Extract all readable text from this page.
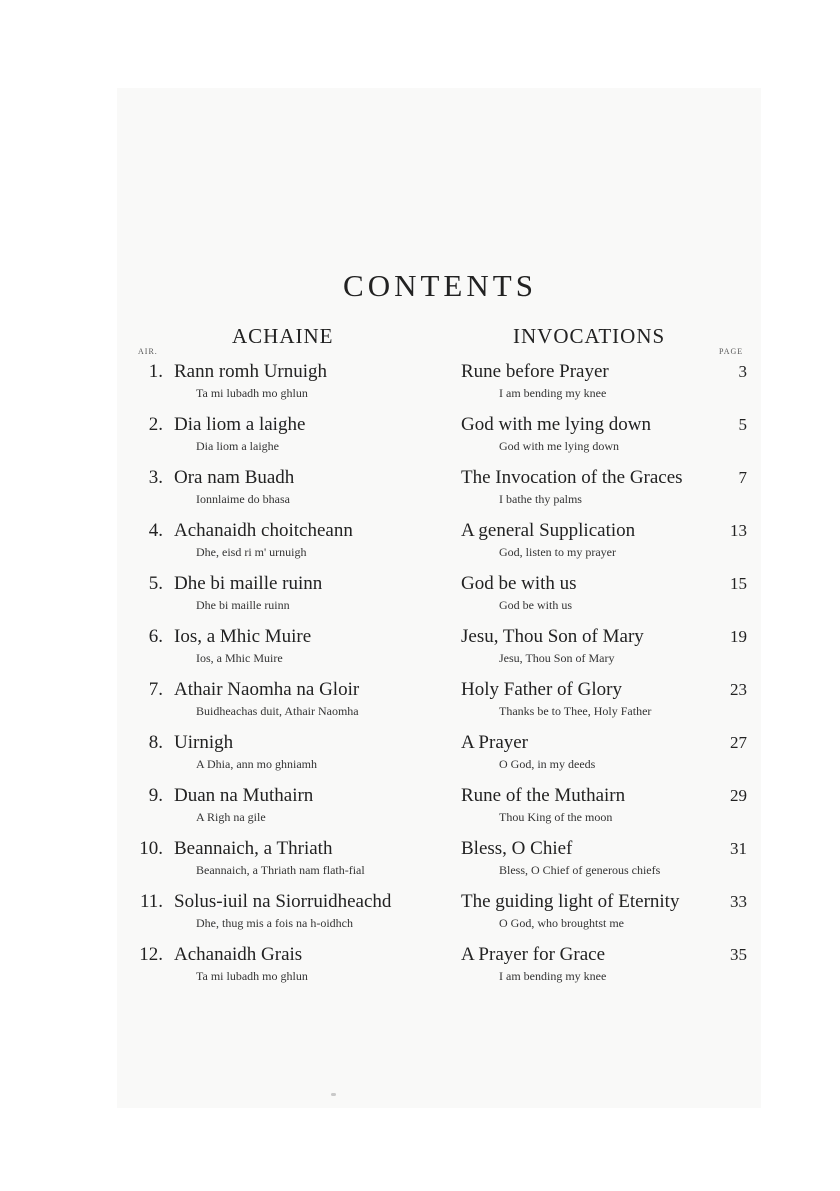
CONTENTS
ACHAINE	INVOCATIONS
AIR.	PAGE
1. Rann romh Urnuigh
Ta mi lubadh mo ghlun
Rune before Prayer
I am bending my knee
3
2. Dia liom a laighe
Dia liom a laighe
God with me lying down
God with me lying down
5
3. Ora nam Buadh
Ionnlaime do bhasa
The Invocation of the Graces
I bathe thy palms
7
4. Achanaidh choitcheann
Dhe, eisd ri m' urnuigh
A general Supplication
God, listen to my prayer
13
5. Dhe bi maille ruinn
Dhe bi maille ruinn
God be with us
God be with us
15
6. Ios, a Mhic Muire
Ios, a Mhic Muire
Jesu, Thou Son of Mary
Jesu, Thou Son of Mary
19
7. Athair Naomha na Gloir
Buidheachas duit, Athair Naomha
Holy Father of Glory
Thanks be to Thee, Holy Father
23
8. Uirnigh
A Dhia, ann mo ghniamh
A Prayer
O God, in my deeds
27
9. Duan na Muthairn
A Righ na gile
Rune of the Muthairn
Thou King of the moon
29
10. Beannaich, a Thriath
Beannaich, a Thriath nam flath-fial
Bless, O Chief
Bless, O Chief of generous chiefs
31
11. Solus-iuil na Siorruidheachd
Dhe, thug mis a fois na h-oidhch
The guiding light of Eternity
O God, who broughtst me
33
12. Achanaidh Grais
Ta mi lubadh mo ghlun
A Prayer for Grace
I am bending my knee
35
